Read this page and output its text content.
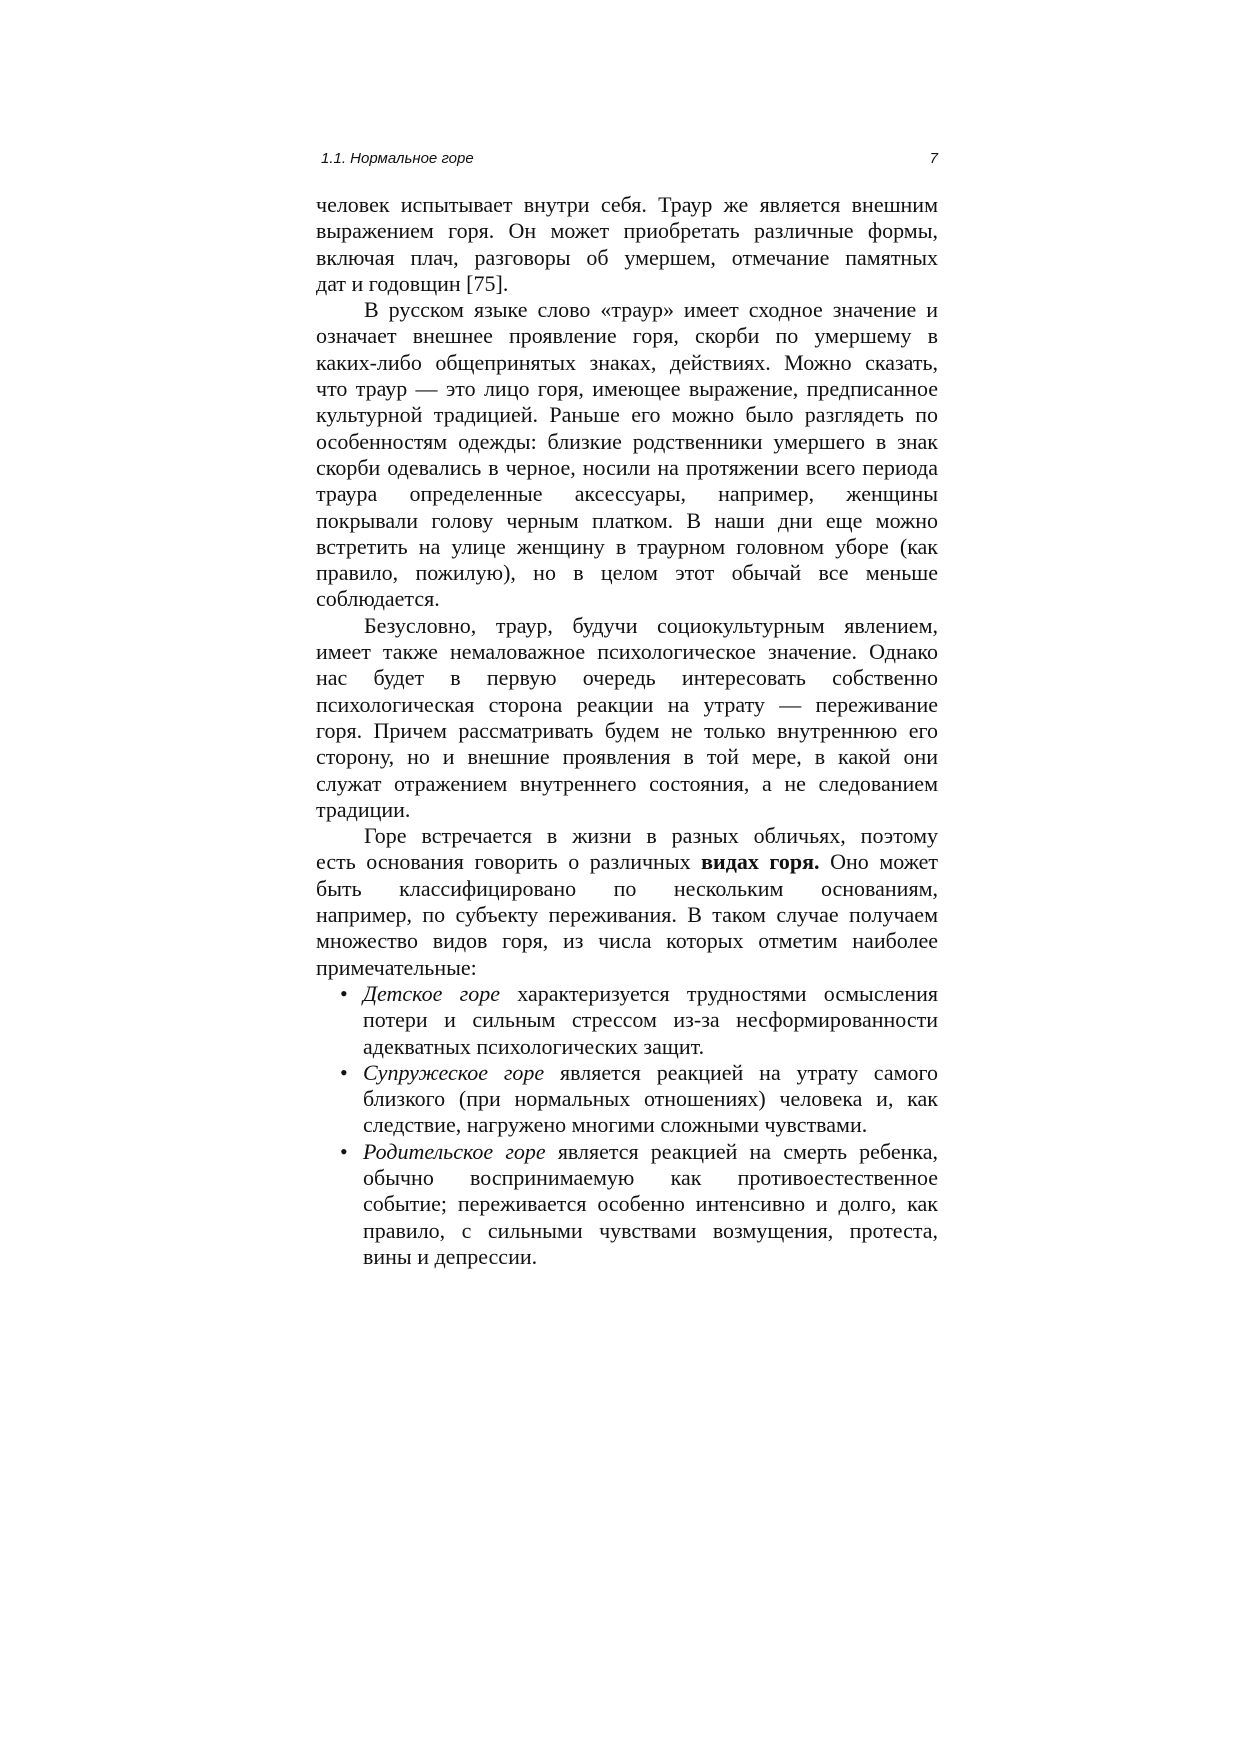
1.1. Нормальное горе	7
человек испытывает внутри себя. Траур же является внешним
выражением горя. Он может приобретать различные формы,
включая плач, разговоры об умершем, отмечание памятных
дат и годовщин [75].
В русском языке слово «траур» имеет сходное значение и
означает внешнее проявление горя, скорби по умершему в
каких-либо общепринятых знаках, действиях. Можно сказать,
что траур — это лицо горя, имеющее выражение, предписанное
культурной традицией. Раньше его можно было разглядеть по
особенностям одежды: близкие родственники умершего в знак
скорби одевались в черное, носили на протяжении всего периода
траура определенные аксессуары, например, женщины
покрывали голову черным платком. В наши дни еще можно
встретить на улице женщину в траурном головном уборе (как
правило, пожилую), но в целом этот обычай все меньше
соблюдается.
Безусловно, траур, будучи социокультурным явлением,
имеет также немаловажное психологическое значение. Однако
нас будет в первую очередь интересовать собственно
психологическая сторона реакции на утрату — переживание
горя. Причем рассматривать будем не только внутреннюю его
сторону, но и внешние проявления в той мере, в какой они
служат отражением внутреннего состояния, а не следованием
традиции.
Горе встречается в жизни в разных обличьях, поэтому
есть основания говорить о различных видах горя. Оно может
быть классифицировано по нескольким основаниям,
например, по субъекту переживания. В таком случае получаем
множество видов горя, из числа которых отметим наиболее
примечательные:
• Детское горе характеризуется трудностями осмысления
потери и сильным стрессом из-за несформированности
адекватных психологических защит.
• Супружеское горе является реакцией на утрату самого
близкого (при нормальных отношениях) человека и, как
следствие, нагружено многими сложными чувствами.
• Родительское горе является реакцией на смерть ребенка,
обычно воспринимаемую как противоестественное
событие; переживается особенно интенсивно и долго, как
правило, с сильными чувствами возмущения, протеста,
вины и депрессии.
